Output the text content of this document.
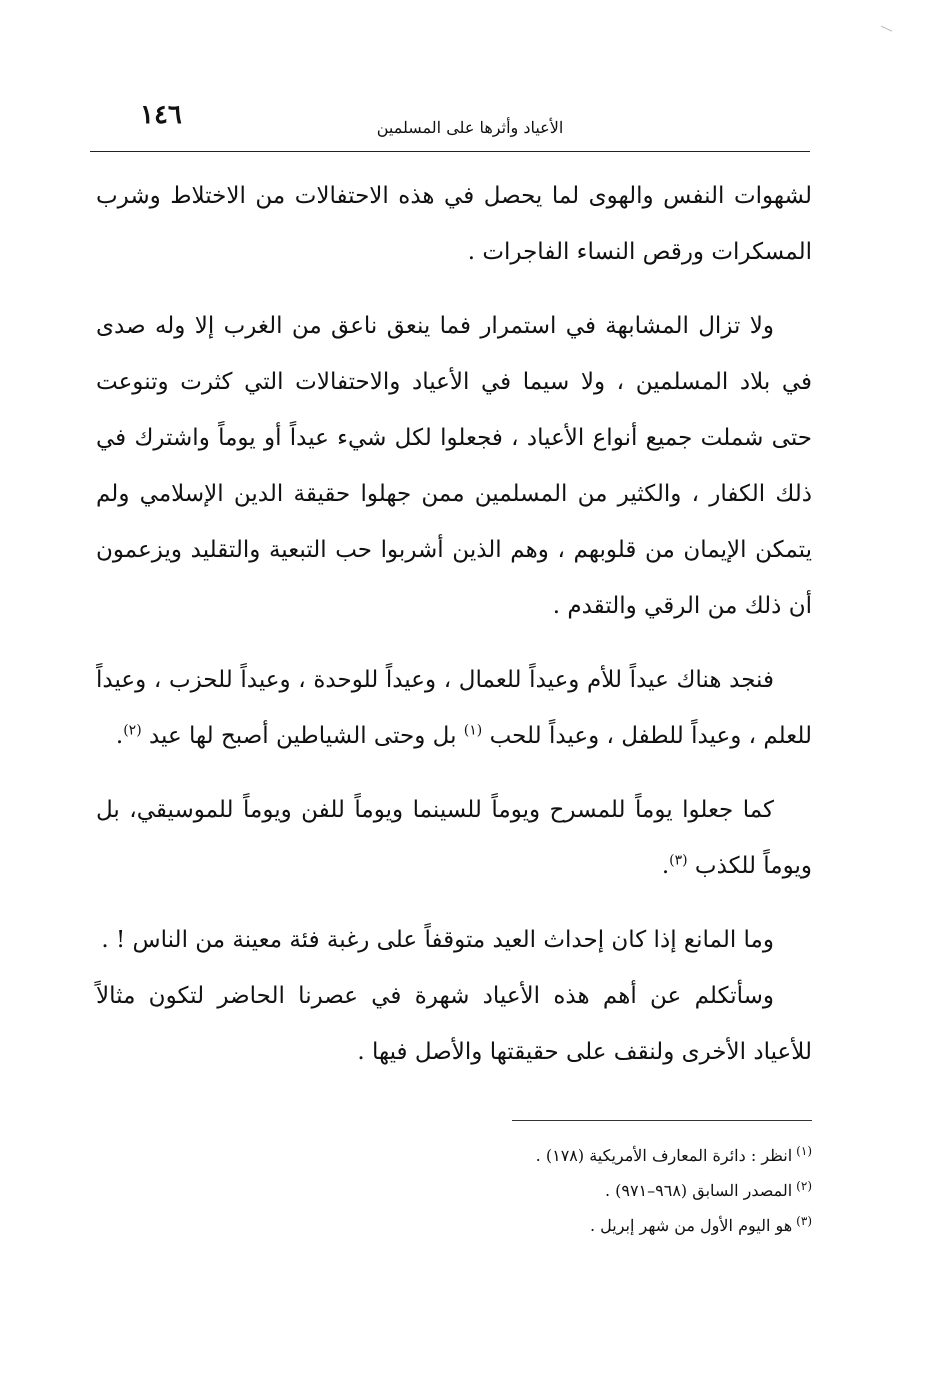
١٤٦	الأعياد وأثرها على المسلمين

لشهوات النفس والهوى لما يحصل في هذه الاحتفالات من الاختلاط وشرب المسكرات ورقص النساء الفاجرات .

ولا تزال المشابهة في استمرار فما ينعق ناعق من الغرب إلا وله صدى في بلاد المسلمين ، ولا سيما في الأعياد والاحتفالات التي كثرت وتنوعت حتى شملت جميع أنواع الأعياد ، فجعلوا لكل شيء عيداً أو يوماً واشترك في ذلك الكفار ، والكثير من المسلمين ممن جهلوا حقيقة الدين الإسلامي ولم يتمكن الإيمان من قلوبهم ، وهم الذين أشربوا حب التبعية والتقليد ويزعمون أن ذلك من الرقي والتقدم .

فنجد هناك عيداً للأم وعيداً للعمال ، وعيداً للوحدة ، وعيداً للحزب ، وعيداً للعلم ، وعيداً للطفل ، وعيداً للحب $^{(١)}$ بل وحتى الشياطين أصبح لها عيد $^{(٢)}$.

كما جعلوا يوماً للمسرح ويوماً للسينما ويوماً للفن ويوماً للموسيقي، بل ويوماً للكذب $^{(٣)}$.

وما المانع إذا كان إحداث العيد متوقفاً على رغبة فئة معينة من الناس ! .

وسأتكلم عن أهم هذه الأعياد شهرة في عصرنا الحاضر لتكون مثالاً للأعياد الأخرى ولنقف على حقيقتها والأصل فيها .

$^{(١)}$انظر : دائرة المعارف الأمريكية (١٧٨) .

$^{(٢)}$المصدر السابق (٩٦٨–٩٧١) .

$^{(٣)}$هو اليوم الأول من شهر إبريل .
